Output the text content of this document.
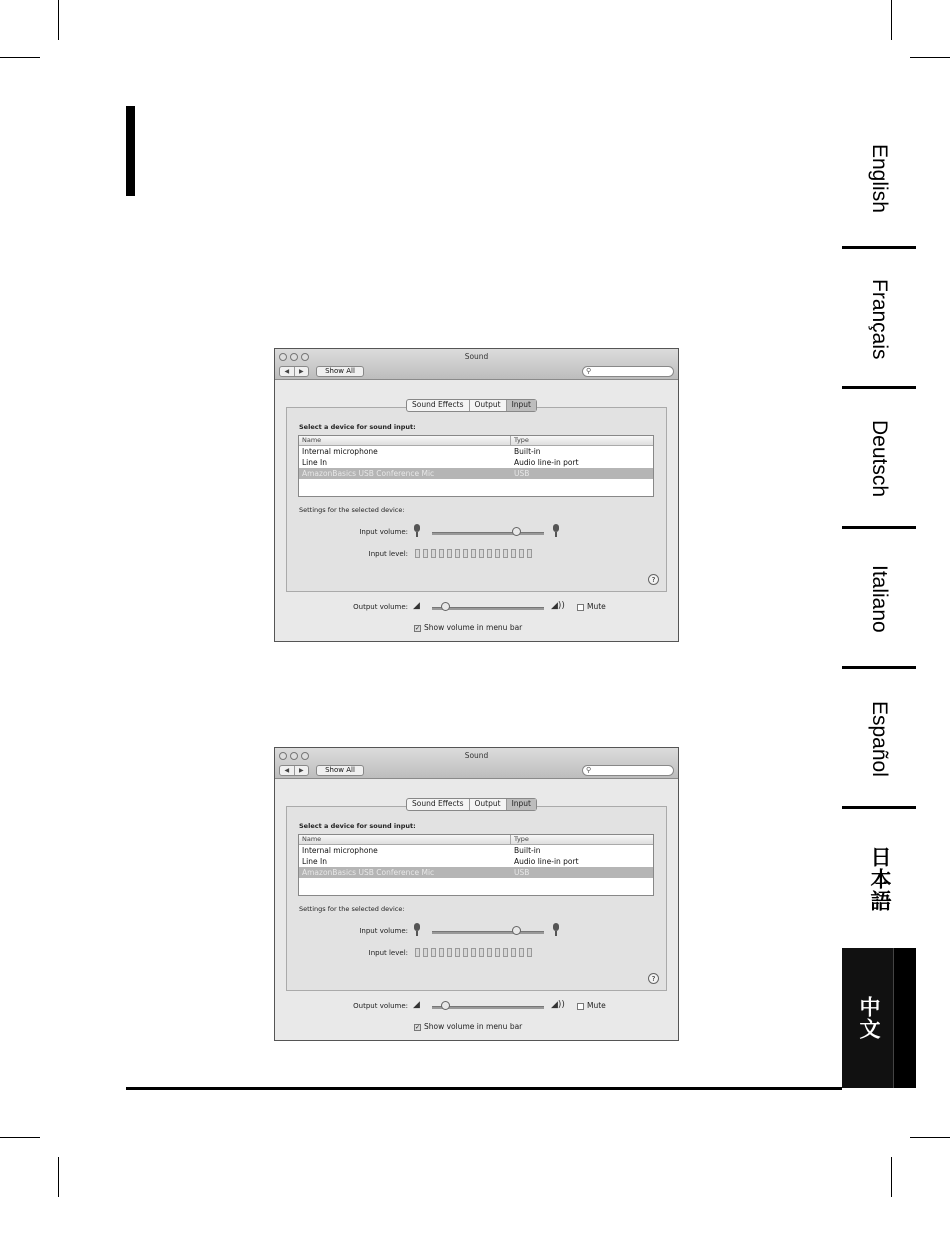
English
Français
Deutsch
Italiano
Español
日本語
中文
Sound
◀	▶	Show All	⚲
Sound Effects	Output	Input
Select a device for sound input:
Name	Type
Internal microphone	Built-in
Line In	Audio line-in port
AmazonBasics USB Conference Mic	USB
Settings for the selected device:
Input volume:
Input level:
?
Output volume: ◢	◢))	Mute
✓ Show volume in menu bar
Sound
◀	▶	Show All	⚲
Sound Effects	Output	Input
Select a device for sound input:
Name	Type
Internal microphone	Built-in
Line In	Audio line-in port
AmazonBasics USB Conference Mic	USB
Settings for the selected device:
Input volume:
Input level:
?
Output volume: ◢	◢))	Mute
✓ Show volume in menu bar
